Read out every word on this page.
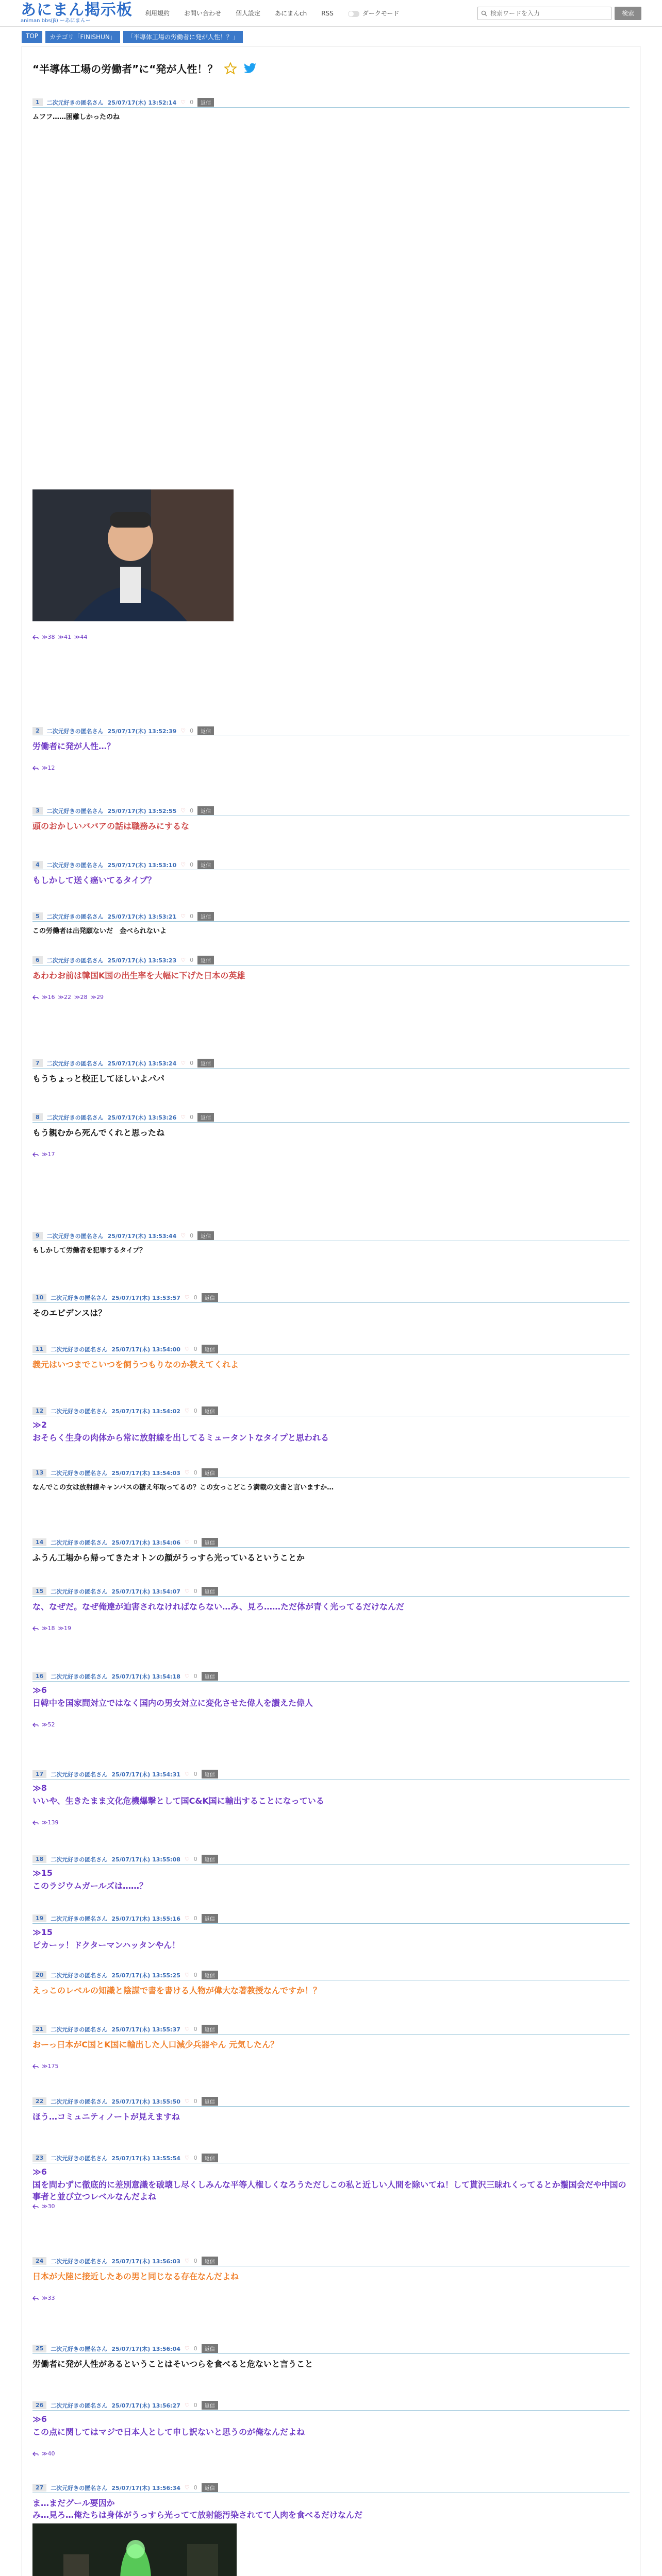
あにまん掲示板
animan bbs(β) ーあにまんー
利用規約 お問い合わせ 個人設定 あにまんch RSS	ダークモード
検索ワードを入力	検索
TOP	カテゴリ「FINISHUN」	「半導体工場の労働者に発が人性！？」
“半導体工場の労働者”に“発が人性！？
1	二次元好きの匿名さん 25/07/17(木) 13:52:14 ♡ 0	返信
ムフフ……困難しかったのね
≫38 ≫41 ≫44
2	二次元好きの匿名さん 25/07/17(木) 13:52:39 ♡ 0	返信
労働者に発が人性…？
≫12
3	二次元好きの匿名さん 25/07/17(木) 13:52:55 ♡ 0	返信
頭のおかしいババアの話は職務みにするな
4	二次元好きの匿名さん 25/07/17(木) 13:53:10 ♡ 0	返信
もしかして送く癌いてるタイプ？
5	二次元好きの匿名さん 25/07/17(木) 13:53:21 ♡ 0	返信
この労働者は出発願ないだ　金べられないよ
6	二次元好きの匿名さん 25/07/17(木) 13:53:23 ♡ 0	返信
あわわお前は韓国K国の出生率を大幅に下げた日本の英雄
≫16 ≫22 ≫28 ≫29
7	二次元好きの匿名さん 25/07/17(木) 13:53:24 ♡ 0	返信
もうちょっと校正してほしいよパパ
8	二次元好きの匿名さん 25/07/17(木) 13:53:26 ♡ 0	返信
もう親むから死んでくれと思ったね
≫17
9	二次元好きの匿名さん 25/07/17(木) 13:53:44 ♡ 0	返信
もしかして労働者を犯罪するタイプ？
10	二次元好きの匿名さん 25/07/17(木) 13:53:57 ♡ 0	返信
そのエビデンスは？
11	二次元好きの匿名さん 25/07/17(木) 13:54:00 ♡ 0	返信
義元はいつまでこいつを飼うつもりなのか教えてくれよ
12	二次元好きの匿名さん 25/07/17(木) 13:54:02 ♡ 0	返信
≫2
おそらく生身の肉体から常に放射線を出してるミュータントなタイプと思われる
13	二次元好きの匿名さん 25/07/17(木) 13:54:03 ♡ 0	返信
なんでこの女は放射線キャンパスの糖え年取ってるの？この女っこどこう満載の文書と言いますか…
14	二次元好きの匿名さん 25/07/17(木) 13:54:06 ♡ 0	返信
ふうん工場から帰ってきたオトンの顔がうっすら光っているということか
15	二次元好きの匿名さん 25/07/17(木) 13:54:07 ♡ 0	返信
な、なぜだ。なぜ俺達が迫害されなければならない…み、見ろ……ただ体が青く光ってるだけなんだ
≫18 ≫19
16	二次元好きの匿名さん 25/07/17(木) 13:54:18 ♡ 0	返信
≫6
日韓中を国家間対立ではなく国内の男女対立に変化させた偉人を讃えた偉人
≫52
17	二次元好きの匿名さん 25/07/17(木) 13:54:31 ♡ 0	返信
≫8
いいや、生きたまま文化危機爆撃として国C&K国に輸出することになっている
≫139
18	二次元好きの匿名さん 25/07/17(木) 13:55:08 ♡ 0	返信
≫15
このラジウムガールズは……？
19	二次元好きの匿名さん 25/07/17(木) 13:55:16 ♡ 0	返信
≫15
ピカーッ！ドクターマンハッタンやん！
20	二次元好きの匿名さん 25/07/17(木) 13:55:25 ♡ 0	返信
えっこのレベルの知識と陰謀で書を書ける人物が偉大な著教授なんですか！？
21	二次元好きの匿名さん 25/07/17(木) 13:55:37 ♡ 0	返信
おーっ日本がC国とK国に輸出した人口減少兵器やん 元気したん？
≫175
22	二次元好きの匿名さん 25/07/17(木) 13:55:50 ♡ 0	返信
ほう…コミュニティノートが見えますね
23	二次元好きの匿名さん 25/07/17(木) 13:55:54 ♡ 0	返信
≫6
国を問わずに徹底的に差別意識を破壊し尽くしみんな平等人権しくなろうただしこの私と近しい人間を除いてね！して貰沢三昧れくってるとか鬚国会だや中国の事者と並び立つレベルなんだよね
≫30
24	二次元好きの匿名さん 25/07/17(木) 13:56:03 ♡ 0	返信
日本が大陸に接近したあの男と同じなる存在なんだよね
≫33
25	二次元好きの匿名さん 25/07/17(木) 13:56:04 ♡ 0	返信
労働者に発が人性があるということはそいつらを食べると危ないと言うこと
26	二次元好きの匿名さん 25/07/17(木) 13:56:27 ♡ 0	返信
≫6
この点に関してはマジで日本人として申し訳ないと思うのが俺なんだよね
≫40
27	二次元好きの匿名さん 25/07/17(木) 13:56:34 ♡ 0	返信
ま…まだグール要因か
み…見ろ…俺たちは身体がうっすら光ってて放射能汚染されてて人肉を食べるだけなんだ
